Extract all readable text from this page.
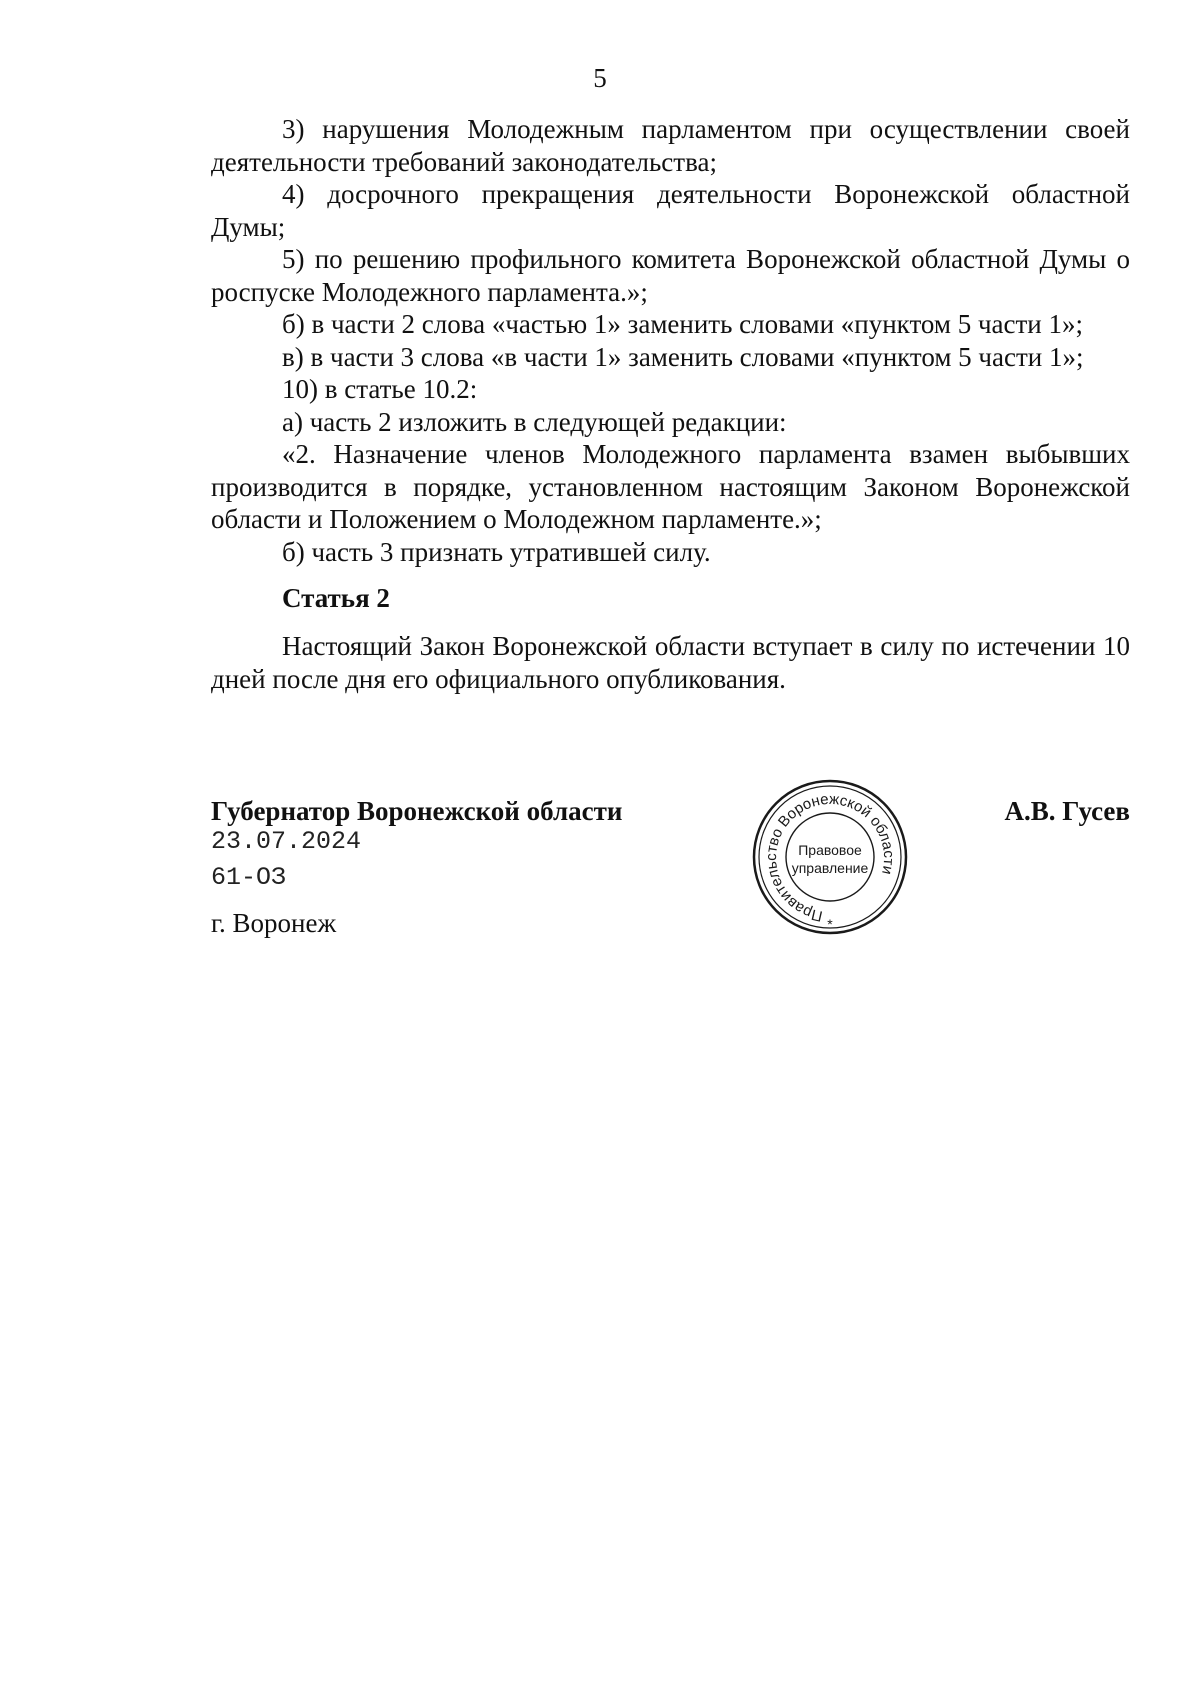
5

3) нарушения Молодежным парламентом при осуществлении своей деятельности требований законодательства;

4) досрочного прекращения деятельности Воронежской областной Думы;

5) по решению профильного комитета Воронежской областной Думы о роспуске Молодежного парламента.»;

б) в части 2 слова «частью 1» заменить словами «пунктом 5 части 1»;

в) в части 3 слова «в части 1» заменить словами «пунктом 5 части 1»;

10) в статье 10.2:

а) часть 2 изложить в следующей редакции:

«2. Назначение членов Молодежного парламента взамен выбывших производится в порядке, установленном настоящим Законом Воронежской области и Положением о Молодежном парламенте.»;

б) часть 3 признать утратившей силу.

Статья 2

Настоящий Закон Воронежской области вступает в силу по истечении 10 дней после дня его официального опубликования.

Губернатор Воронежской области

23.07.2024

61-ОЗ

г. Воронеж	Правительство Воронежской области
Правовое
управление
*
А.В. Гусев
